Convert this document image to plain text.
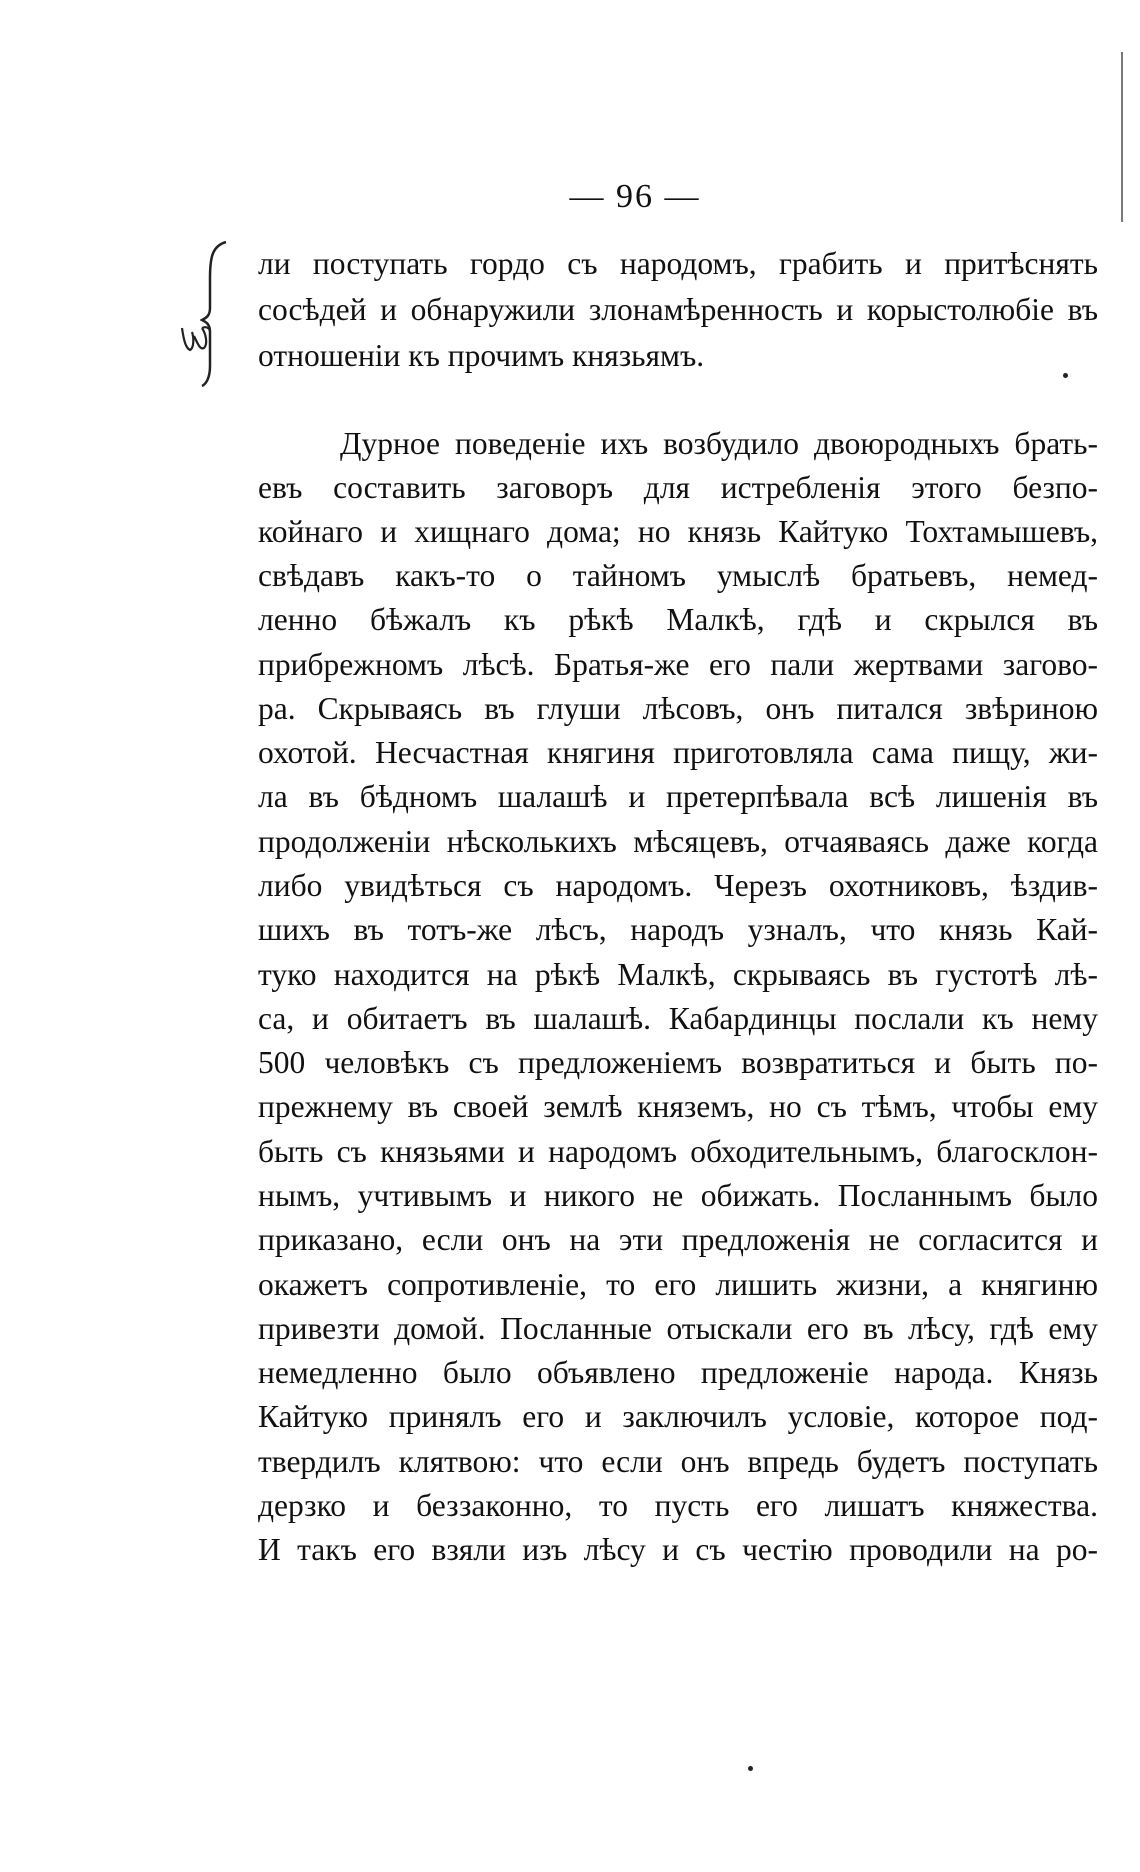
— 96 —
ли поступать гордо съ народомъ, грабить и притѣснять
сосѣдей и обнаружили злонамѣренность и корыстолюбіе въ
отношеніи къ прочимъ князьямъ.
Дурное поведеніе ихъ возбудило двоюродныхъ брать-
евъ составить заговоръ для истребленія этого безпо-
койнаго и хищнаго дома; но князь Кайтуко Тохтамышевъ,
свѣдавъ какъ-то о тайномъ умыслѣ братьевъ, немед-
ленно бѣжалъ къ рѣкѣ Малкѣ, гдѣ и скрылся въ
прибрежномъ лѣсѣ. Братья-же его пали жертвами загово-
ра. Скрываясь въ глуши лѣсовъ, онъ питался звѣриною
охотой. Несчастная княгиня приготовляла сама пищу, жи-
ла въ бѣдномъ шалашѣ и претерпѣвала всѣ лишенія въ
продолженіи нѣсколькихъ мѣсяцевъ, отчаяваясь даже когда
либо увидѣться съ народомъ. Черезъ охотниковъ, ѣздив-
шихъ въ тотъ-же лѣсъ, народъ узналъ, что князь Кай-
туко находится на рѣкѣ Малкѣ, скрываясь въ густотѣ лѣ-
са, и обитаетъ въ шалашѣ. Кабардинцы послали къ нему
500 человѣкъ съ предложеніемъ возвратиться и быть по-
прежнему въ своей землѣ княземъ, но съ тѣмъ, чтобы ему
быть съ князьями и народомъ обходительнымъ, благосклон-
нымъ, учтивымъ и никого не обижать. Посланнымъ было
приказано, если онъ на эти предложенія не согласится и
окажетъ сопротивленіе, то его лишить жизни, а княгиню
привезти домой. Посланные отыскали его въ лѣсу, гдѣ ему
немедленно было объявлено предложеніе народа. Князь
Кайтуко принялъ его и заключилъ условіе, которое под-
твердилъ клятвою: что если онъ впредь будетъ поступать
дерзко и беззаконно, то пусть его лишатъ княжества.
И такъ его взяли изъ лѣсу и съ честію проводили на ро-
